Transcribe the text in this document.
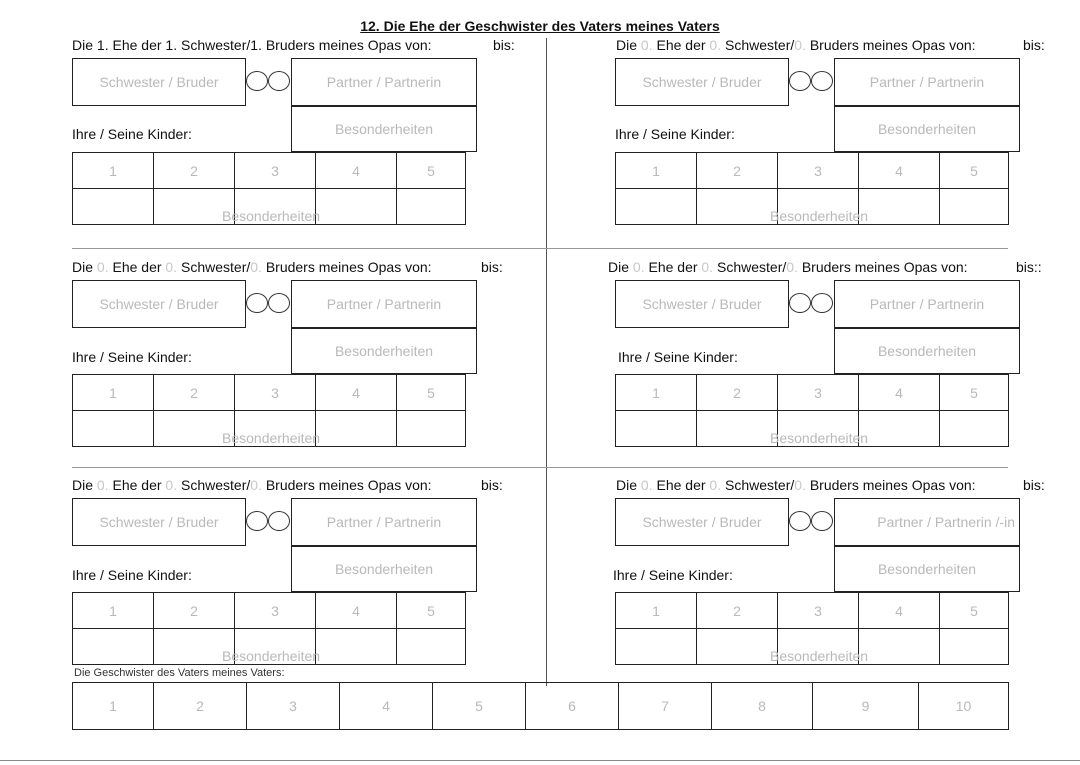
12. Die Ehe der Geschwister des Vaters meines Vaters
Die 1. Ehe der 1. Schwester/1. Bruders meines Opas von:	bis:
Schwester / Bruder	Partner / Partnerin
Besonderheiten
Ihre / Seine Kinder:
1	2	3	4	5

Besonderheiten
Die 0. Ehe der 0. Schwester/0. Bruders meines Opas von:	bis:
Schwester / Bruder	Partner / Partnerin
Besonderheiten
Ihre / Seine Kinder:
1	2	3	4	5

Besonderheiten
Die 0. Ehe der 0. Schwester/0. Bruders meines Opas von:	bis:
Schwester / Bruder	Partner / Partnerin
Besonderheiten
Ihre / Seine Kinder:
1	2	3	4	5

Besonderheiten
Die 0. Ehe der 0. Schwester/0. Bruders meines Opas von:	bis::
Schwester / Bruder	Partner / Partnerin
Besonderheiten
Ihre / Seine Kinder:
1	2	3	4	5

Besonderheiten
Die 0. Ehe der 0. Schwester/0. Bruders meines Opas von:	bis:
Schwester / Bruder	Partner / Partnerin
Besonderheiten
Ihre / Seine Kinder:
1	2	3	4	5

Besonderheiten
Die 0. Ehe der 0. Schwester/0. Bruders meines Opas von:	bis:
Schwester / Bruder	Partner / Partnerin /-in
Besonderheiten
Ihre / Seine Kinder:
1	2	3	4	5

Besonderheiten
Die Geschwister des Vaters meines Vaters:
1	2	3	4	5	6	7	8	9	10
